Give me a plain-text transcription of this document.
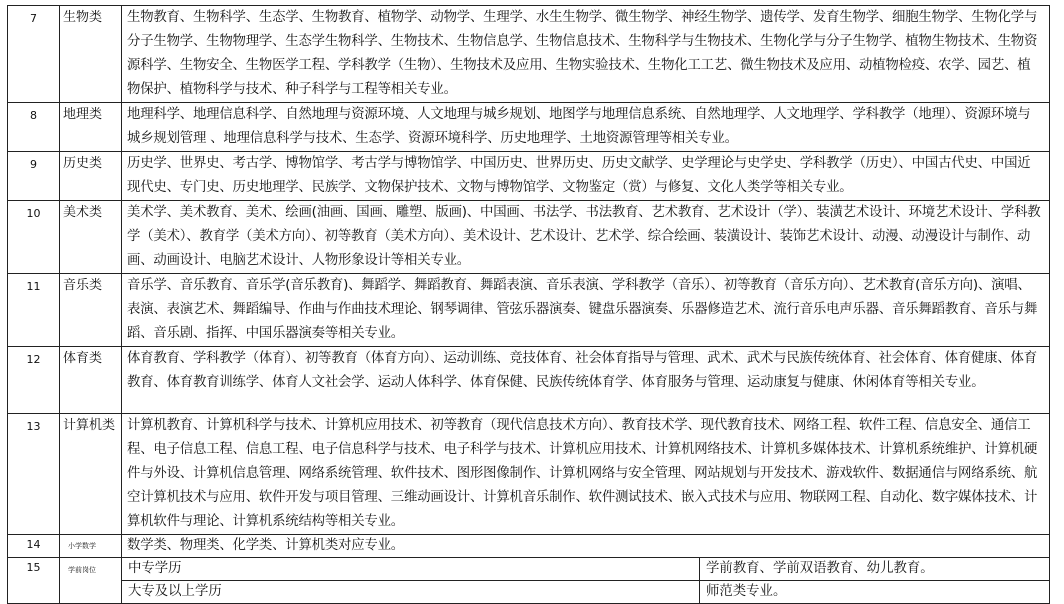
7	生物类	生物教育、生物科学、生态学、生物教育、植物学、动物学、生理学、水生生物学、微生物学、神经生物学、遗传学、发育生物学、细胞生物学、生物化学与分子生物学、生物物理学、生态学生物科学、生物技术、生物信息学、生物信息技术、生物科学与生物技术、生物化学与分子生物学、植物生物技术、生物资源科学、生物安全、生物医学工程、学科教学（生物）、生物技术及应用、生物实验技术、生物化工工艺、微生物技术及应用、动植物检疫、农学、园艺、植物保护、植物科学与技术、种子科学与工程等相关专业。
8	地理类	地理科学、地理信息科学、自然地理与资源环境、人文地理与城乡规划、地图学与地理信息系统、自然地理学、人文地理学、学科教学（地理）、资源环境与城乡规划管理 、地理信息科学与技术、生态学、资源环境科学、历史地理学、土地资源管理等相关专业。
9	历史类	历史学、世界史、考古学、博物馆学、考古学与博物馆学、中国历史、世界历史、历史文献学、史学理论与史学史、学科教学（历史）、中国古代史、中国近现代史、专门史、历史地理学、民族学、文物保护技术、文物与博物馆学、文物鉴定（赏）与修复、文化人类学等相关专业。
10	美术类	美术学、美术教育、美术、绘画(油画、国画、雕塑、版画)、中国画、书法学、书法教育、艺术教育、艺术设计（学）、装潢艺术设计、环境艺术设计、学科教学（美术）、教育学（美术方向）、初等教育（美术方向）、美术设计、艺术设计、艺术学、综合绘画、装潢设计、装饰艺术设计、动漫、动漫设计与制作、动画、动画设计、电脑艺术设计、人物形象设计等相关专业。
11	音乐类	音乐学、音乐教育、音乐学(音乐教育)、舞蹈学、舞蹈教育、舞蹈表演、音乐表演、学科教学（音乐）、初等教育（音乐方向）、艺术教育(音乐方向)、演唱、表演、表演艺术、舞蹈编导、作曲与作曲技术理论、钢琴调律、管弦乐器演奏、键盘乐器演奏、乐器修造艺术、流行音乐电声乐器、音乐舞蹈教育、音乐与舞蹈、音乐剧、指挥、中国乐器演奏等相关专业。
12	体育类	体育教育、学科教学（体育）、初等教育（体育方向）、运动训练、竞技体育、社会体育指导与管理、武术、武术与民族传统体育、社会体育、体育健康、体育教育、体育教育训练学、体育人文社会学、运动人体科学、体育保健、民族传统体育学、体育服务与管理、运动康复与健康、休闲体育等相关专业。
13	计算机类	计算机教育、计算机科学与技术、计算机应用技术、初等教育（现代信息技术方向）、教育技术学、现代教育技术、网络工程、软件工程、信息安全、通信工程、电子信息工程、信息工程、电子信息科学与技术、电子科学与技术、计算机应用技术、计算机网络技术、计算机多媒体技术、计算机系统维护、计算机硬件与外设、计算机信息管理、网络系统管理、软件技术、图形图像制作、计算机网络与安全管理、网站规划与开发技术、游戏软件、数据通信与网络系统、航空计算机技术与应用、软件开发与项目管理、三维动画设计、计算机音乐制作、软件测试技术、嵌入式技术与应用、物联网工程、自动化、数字媒体技术、计算机软件与理论、计算机系统结构等相关专业。
14	小学数学	数学类、物理类、化学类、计算机类对应专业。
15	学前岗位	中专学历	学前教育、学前双语教育、幼儿教育。
大专及以上学历	师范类专业。
